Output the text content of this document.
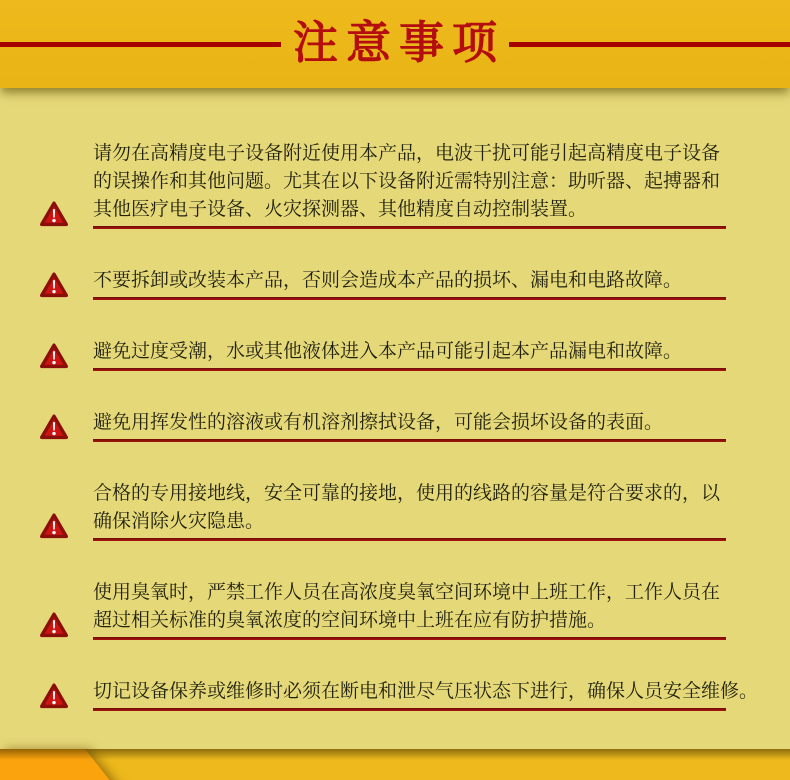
注意事项
请勿在高精度电子设备附近使用本产品，电波干扰可能引起高精度电子设备
的误操作和其他问题。尤其在以下设备附近需特别注意：助听器、起搏器和
其他医疗电子设备、火灾探测器、其他精度自动控制装置。
不要拆卸或改装本产品，否则会造成本产品的损坏、漏电和电路故障。
避免过度受潮，水或其他液体进入本产品可能引起本产品漏电和故障。
避免用挥发性的溶液或有机溶剂擦拭设备，可能会损坏设备的表面。
合格的专用接地线，安全可靠的接地，使用的线路的容量是符合要求的，以
确保消除火灾隐患。
使用臭氧时，严禁工作人员在高浓度臭氧空间环境中上班工作，工作人员在
超过相关标准的臭氧浓度的空间环境中上班在应有防护措施。
切记设备保养或维修时必须在断电和泄尽气压状态下进行，确保人员安全维修。
